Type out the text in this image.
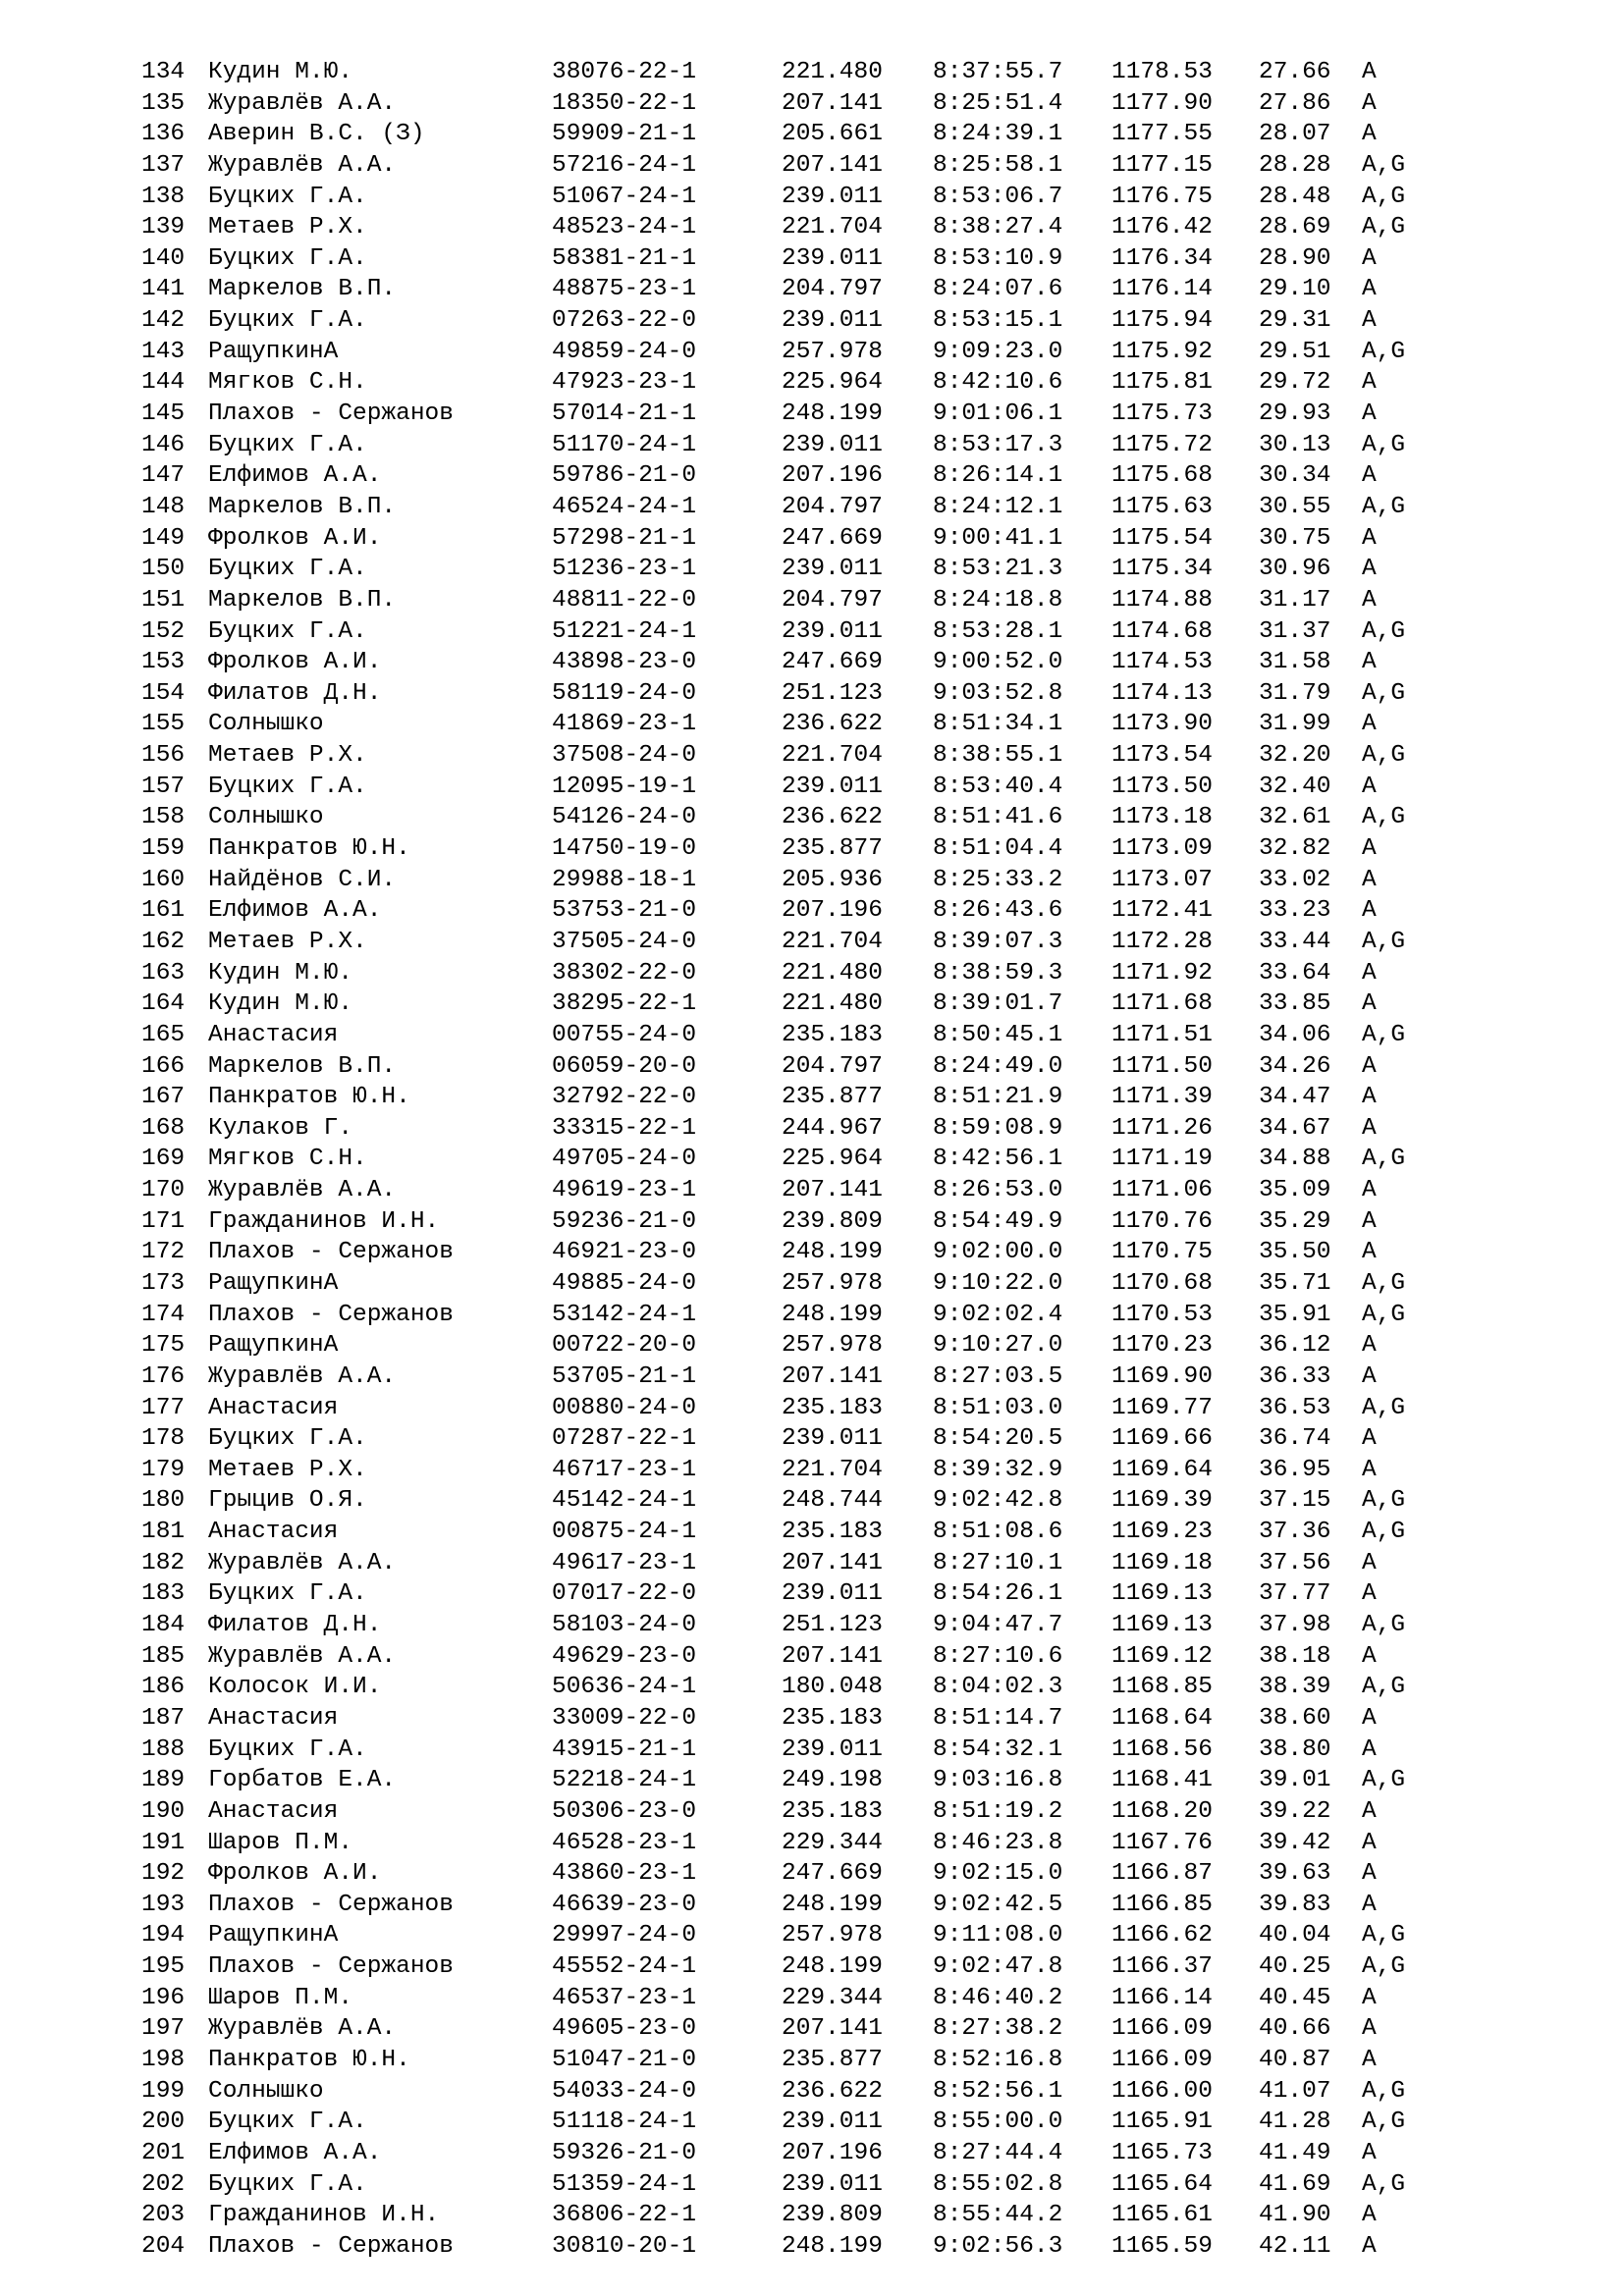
134 Кудин М.Ю.	38076-22-1	221.480 8:37:55.7 1178.53 27.66 A
135 Журавлёв А.А.	18350-22-1	207.141 8:25:51.4 1177.90 27.86 A
136 Аверин В.С. (З)	59909-21-1	205.661 8:24:39.1 1177.55 28.07 A
137 Журавлёв А.А.	57216-24-1	207.141 8:25:58.1 1177.15 28.28 A,G
138 Буцких Г.А.	51067-24-1	239.011 8:53:06.7 1176.75 28.48 A,G
139 Метаев Р.Х.	48523-24-1	221.704 8:38:27.4 1176.42 28.69 A,G
140 Буцких Г.А.	58381-21-1	239.011 8:53:10.9 1176.34 28.90 A
141 Маркелов В.П.	48875-23-1	204.797 8:24:07.6 1176.14 29.10 A
142 Буцких Г.А.	07263-22-0	239.011 8:53:15.1 1175.94 29.31 A
143 РащупкинА	49859-24-0	257.978 9:09:23.0 1175.92 29.51 A,G
144 Мягков С.Н.	47923-23-1	225.964 8:42:10.6 1175.81 29.72 A
145 Плахов - Сержанов	57014-21-1	248.199 9:01:06.1 1175.73 29.93 A
146 Буцких Г.А.	51170-24-1	239.011 8:53:17.3 1175.72 30.13 A,G
147 Елфимов А.А.	59786-21-0	207.196 8:26:14.1 1175.68 30.34 A
148 Маркелов В.П.	46524-24-1	204.797 8:24:12.1 1175.63 30.55 A,G
149 Фролков А.И.	57298-21-1	247.669 9:00:41.1 1175.54 30.75 A
150 Буцких Г.А.	51236-23-1	239.011 8:53:21.3 1175.34 30.96 A
151 Маркелов В.П.	48811-22-0	204.797 8:24:18.8 1174.88 31.17 A
152 Буцких Г.А.	51221-24-1	239.011 8:53:28.1 1174.68 31.37 A,G
153 Фролков А.И.	43898-23-0	247.669 9:00:52.0 1174.53 31.58 A
154 Филатов Д.Н.	58119-24-0	251.123 9:03:52.8 1174.13 31.79 A,G
155 Солнышко	41869-23-1	236.622 8:51:34.1 1173.90 31.99 A
156 Метаев Р.Х.	37508-24-0	221.704 8:38:55.1 1173.54 32.20 A,G
157 Буцких Г.А.	12095-19-1	239.011 8:53:40.4 1173.50 32.40 A
158 Солнышко	54126-24-0	236.622 8:51:41.6 1173.18 32.61 A,G
159 Панкратов Ю.Н.	14750-19-0	235.877 8:51:04.4 1173.09 32.82 A
160 Найдёнов С.И.	29988-18-1	205.936 8:25:33.2 1173.07 33.02 A
161 Елфимов А.А.	53753-21-0	207.196 8:26:43.6 1172.41 33.23 A
162 Метаев Р.Х.	37505-24-0	221.704 8:39:07.3 1172.28 33.44 A,G
163 Кудин М.Ю.	38302-22-0	221.480 8:38:59.3 1171.92 33.64 A
164 Кудин М.Ю.	38295-22-1	221.480 8:39:01.7 1171.68 33.85 A
165 Анастасия	00755-24-0	235.183 8:50:45.1 1171.51 34.06 A,G
166 Маркелов В.П.	06059-20-0	204.797 8:24:49.0 1171.50 34.26 A
167 Панкратов Ю.Н.	32792-22-0	235.877 8:51:21.9 1171.39 34.47 A
168 Кулаков Г.	33315-22-1	244.967 8:59:08.9 1171.26 34.67 A
169 Мягков С.Н.	49705-24-0	225.964 8:42:56.1 1171.19 34.88 A,G
170 Журавлёв А.А.	49619-23-1	207.141 8:26:53.0 1171.06 35.09 A
171 Гражданинов И.Н.	59236-21-0	239.809 8:54:49.9 1170.76 35.29 A
172 Плахов - Сержанов	46921-23-0	248.199 9:02:00.0 1170.75 35.50 A
173 РащупкинА	49885-24-0	257.978 9:10:22.0 1170.68 35.71 A,G
174 Плахов - Сержанов	53142-24-1	248.199 9:02:02.4 1170.53 35.91 A,G
175 РащупкинА	00722-20-0	257.978 9:10:27.0 1170.23 36.12 A
176 Журавлёв А.А.	53705-21-1	207.141 8:27:03.5 1169.90 36.33 A
177 Анастасия	00880-24-0	235.183 8:51:03.0 1169.77 36.53 A,G
178 Буцких Г.А.	07287-22-1	239.011 8:54:20.5 1169.66 36.74 A
179 Метаев Р.Х.	46717-23-1	221.704 8:39:32.9 1169.64 36.95 A
180 Грыцив О.Я.	45142-24-1	248.744 9:02:42.8 1169.39 37.15 A,G
181 Анастасия	00875-24-1	235.183 8:51:08.6 1169.23 37.36 A,G
182 Журавлёв А.А.	49617-23-1	207.141 8:27:10.1 1169.18 37.56 A
183 Буцких Г.А.	07017-22-0	239.011 8:54:26.1 1169.13 37.77 A
184 Филатов Д.Н.	58103-24-0	251.123 9:04:47.7 1169.13 37.98 A,G
185 Журавлёв А.А.	49629-23-0	207.141 8:27:10.6 1169.12 38.18 A
186 Колосок И.И.	50636-24-1	180.048 8:04:02.3 1168.85 38.39 A,G
187 Анастасия	33009-22-0	235.183 8:51:14.7 1168.64 38.60 A
188 Буцких Г.А.	43915-21-1	239.011 8:54:32.1 1168.56 38.80 A
189 Горбатов Е.А.	52218-24-1	249.198 9:03:16.8 1168.41 39.01 A,G
190 Анастасия	50306-23-0	235.183 8:51:19.2 1168.20 39.22 A
191 Шаров П.М.	46528-23-1	229.344 8:46:23.8 1167.76 39.42 A
192 Фролков А.И.	43860-23-1	247.669 9:02:15.0 1166.87 39.63 A
193 Плахов - Сержанов	46639-23-0	248.199 9:02:42.5 1166.85 39.83 A
194 РащупкинА	29997-24-0	257.978 9:11:08.0 1166.62 40.04 A,G
195 Плахов - Сержанов	45552-24-1	248.199 9:02:47.8 1166.37 40.25 A,G
196 Шаров П.М.	46537-23-1	229.344 8:46:40.2 1166.14 40.45 A
197 Журавлёв А.А.	49605-23-0	207.141 8:27:38.2 1166.09 40.66 A
198 Панкратов Ю.Н.	51047-21-0	235.877 8:52:16.8 1166.09 40.87 A
199 Солнышко	54033-24-0	236.622 8:52:56.1 1166.00 41.07 A,G
200 Буцких Г.А.	51118-24-1	239.011 8:55:00.0 1165.91 41.28 A,G
201 Елфимов А.А.	59326-21-0	207.196 8:27:44.4 1165.73 41.49 A
202 Буцких Г.А.	51359-24-1	239.011 8:55:02.8 1165.64 41.69 A,G
203 Гражданинов И.Н.	36806-22-1	239.809 8:55:44.2 1165.61 41.90 A
204 Плахов - Сержанов	30810-20-1	248.199 9:02:56.3 1165.59 42.11 A
